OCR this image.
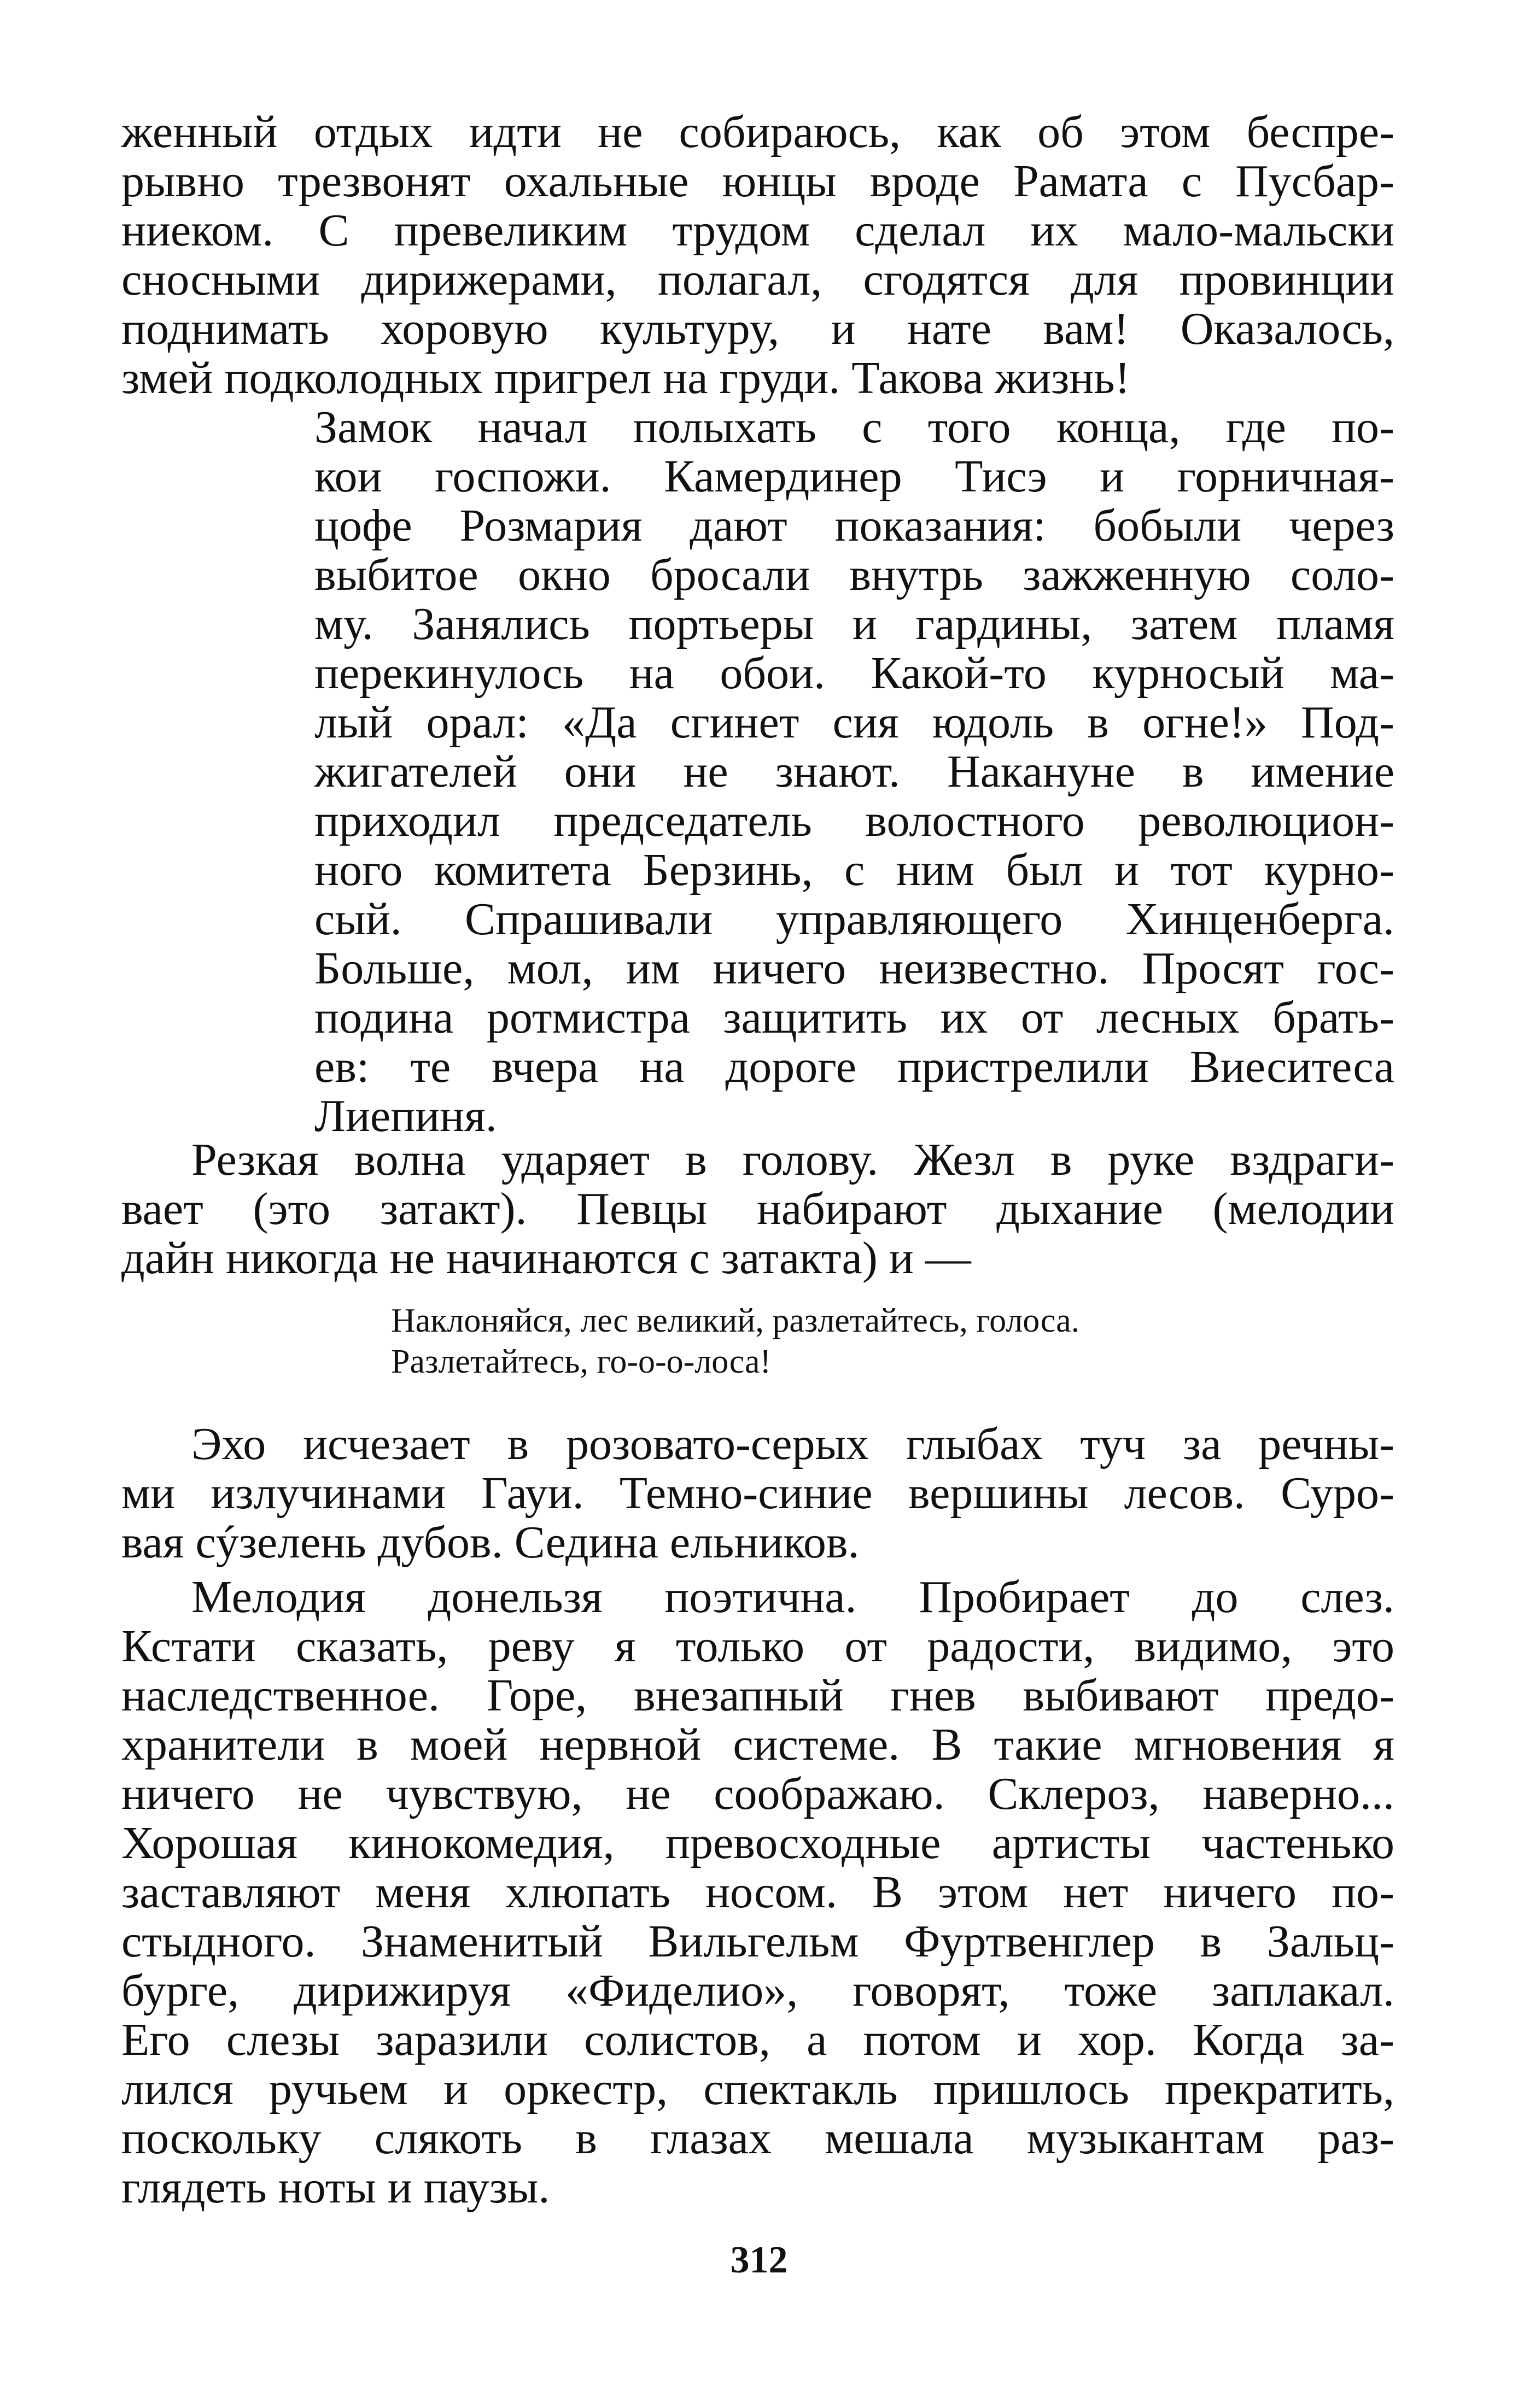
женный отдых идти не собираюсь, как об этом беспре-
рывно трезвонят охальные юнцы вроде Рамата с Пусбар-
ниеком. С превеликим трудом сделал их мало-мальски
сносными дирижерами, полагал, сгодятся для провинции
поднимать хоровую культуру, и нате вам! Оказалось,
змей подколодных пригрел на груди. Такова жизнь!
Замок начал полыхать с того конца, где по-
кои госпожи. Камердинер Тисэ и горничная-
цофе Розмария дают показания: бобыли через
выбитое окно бросали внутрь зажженную соло-
му. Занялись портьеры и гардины, затем пламя
перекинулось на обои. Какой-то курносый ма-
лый орал: «Да сгинет сия юдоль в огне!» Под-
жигателей они не знают. Накануне в имение
приходил председатель волостного революцион-
ного комитета Берзинь, с ним был и тот курно-
сый. Спрашивали управляющего Хинценберга.
Больше, мол, им ничего неизвестно. Просят гос-
подина ротмистра защитить их от лесных брать-
ев: те вчера на дороге пристрелили Виеситеса
Лиепиня.
Резкая волна ударяет в голову. Жезл в руке вздраги-
вает (это затакт). Певцы набирают дыхание (мелодии
дайн никогда не начинаются с затакта) и —
Наклоняйся, лес великий, разлетайтесь, голоса.
Разлетайтесь, го-о-о-лоса!
Эхо исчезает в розовато-серых глыбах туч за речны-
ми излучинами Гауи. Темно-синие вершины лесов. Суро-
вая сýзелень дубов. Седина ельников.
Мелодия донельзя поэтична. Пробирает до слез.
Кстати сказать, реву я только от радости, видимо, это
наследственное. Горе, внезапный гнев выбивают предо-
хранители в моей нервной системе. В такие мгновения я
ничего не чувствую, не соображаю. Склероз, наверно...
Хорошая кинокомедия, превосходные артисты частенько
заставляют меня хлюпать носом. В этом нет ничего по-
стыдного. Знаменитый Вильгельм Фуртвенглер в Зальц-
бурге, дирижируя «Фиделио», говорят, тоже заплакал.
Его слезы заразили солистов, а потом и хор. Когда за-
лился ручьем и оркестр, спектакль пришлось прекратить,
поскольку слякоть в глазах мешала музыкантам раз-
глядеть ноты и паузы.
312
